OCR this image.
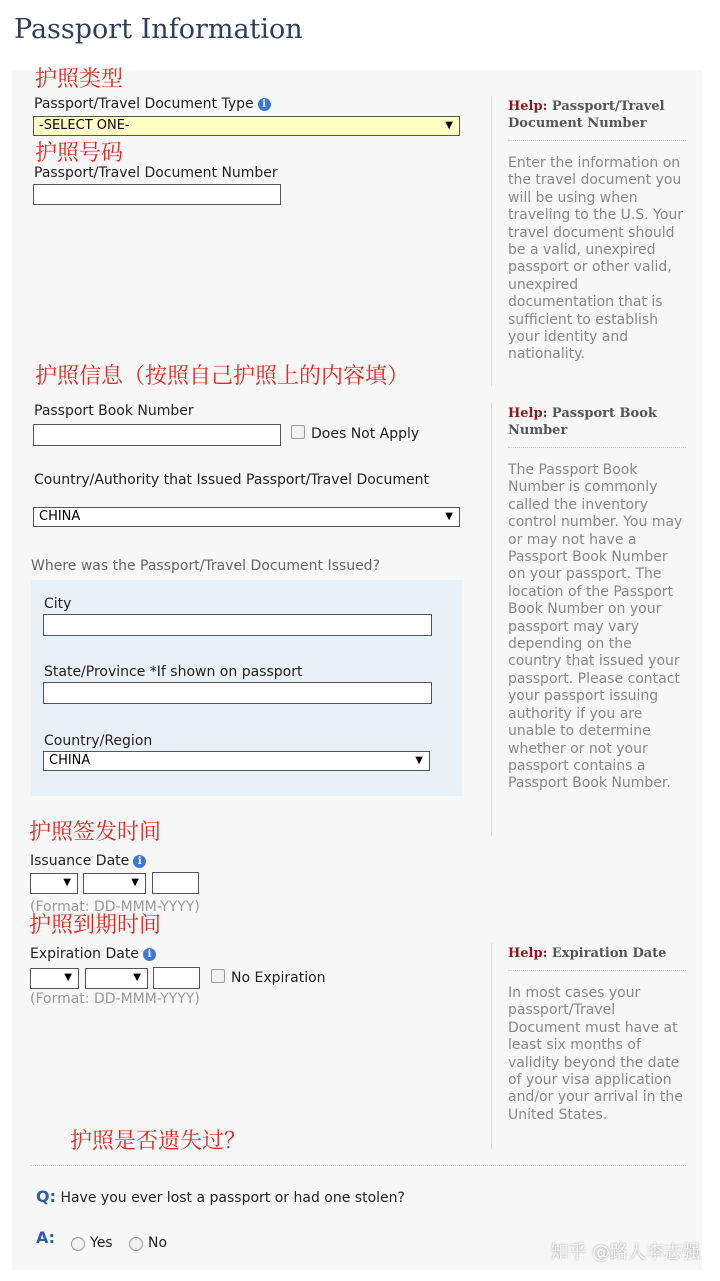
Passport Information
护照类型
护照号码
护照信息（按照自己护照上的内容填）
护照签发时间
护照到期时间
护照是否遗失过？
Passport/Travel Document Type i
-SELECT ONE-	▼
Passport/Travel Document Number
Help: Passport/Travel Document Number
Enter the information on the travel document you will be using when traveling to the U.S. Your travel document should be a valid, unexpired passport or other valid, unexpired documentation that is sufficient to establish your identity and nationality.
Passport Book Number
Does Not Apply
Help: Passport Book Number
The Passport Book Number is commonly called the inventory control number. You may or may not have a Passport Book Number on your passport. The location of the Passport Book Number on your passport may vary depending on the country that issued your passport. Please contact your passport issuing authority if you are unable to determine whether or not your passport contains a Passport Book Number.
Country/Authority that Issued Passport/Travel Document
CHINA	▼
Where was the Passport/Travel Document Issued?
City
State/Province *If shown on passport
Country/Region
CHINA	▼
Issuance Date i
▼	▼
(Format: DD-MMM-YYYY)
Expiration Date i
▼	▼	No Expiration
(Format: DD-MMM-YYYY)
Help: Expiration Date
In most cases your passport/Travel Document must have at least six months of validity beyond the date of your visa application and/or your arrival in the United States.
Q: Have you ever lost a passport or had one stolen?
A: Yes	No	知乎 @路人李志强
